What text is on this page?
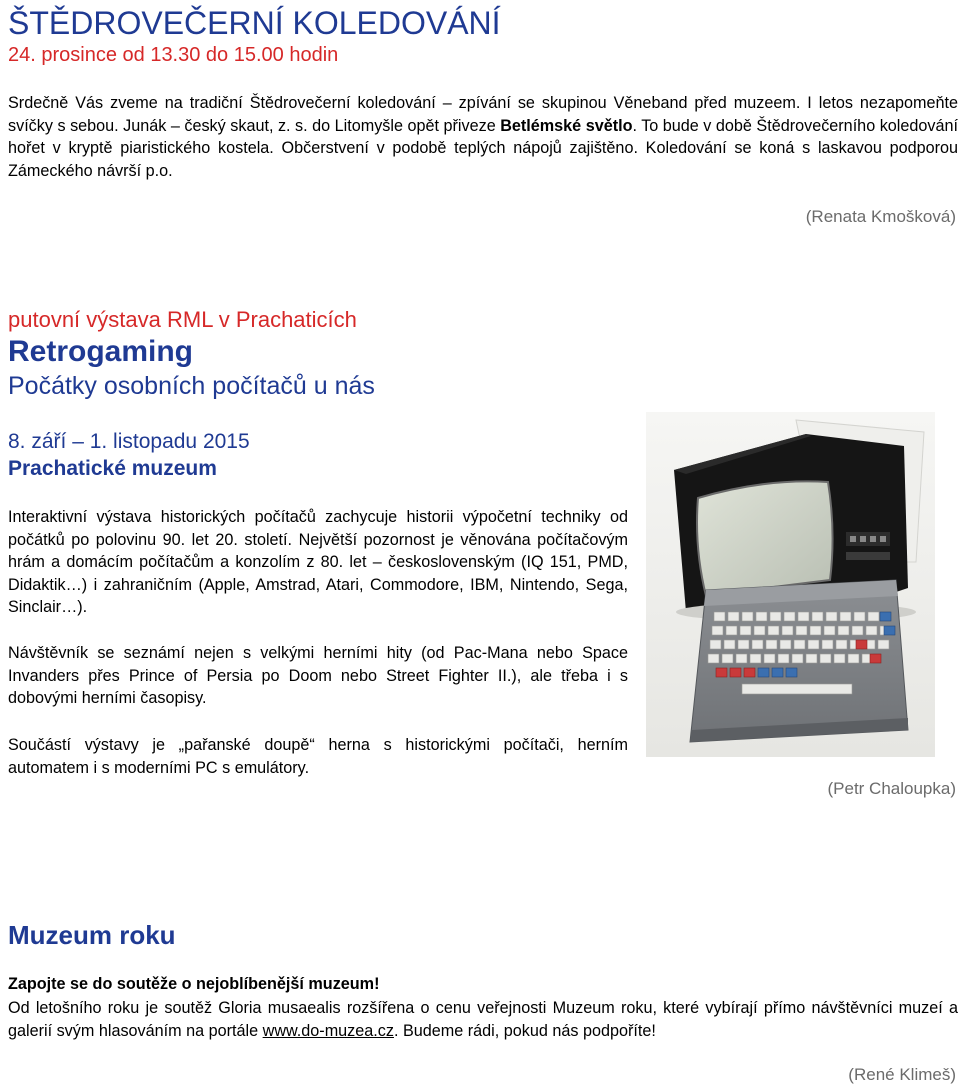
ŠTĚDROVEČERNÍ KOLEDOVÁNÍ
24. prosince od 13.30 do 15.00 hodin
Srdečně Vás zveme na tradiční Štědrovečerní koledování – zpívání se skupinou Věneband před muzeem. I letos nezapomeňte svíčky s sebou. Junák – český skaut, z. s. do Litomyšle opět přiveze Betlémské světlo. To bude v době Štědrovečerního koledování hořet v kryptě piaristického kostela. Občerstvení v podobě teplých nápojů zajištěno. Koledování se koná s laskavou podporou Zámeckého návrší p.o.
(Renata Kmošková)
putovní výstava RML v Prachaticích
Retrogaming
Počátky osobních počítačů u nás
8. září – 1. listopadu 2015
Prachatické muzeum
Interaktivní výstava historických počítačů zachycuje historii výpočetní techniky od počátků po polovinu 90. let 20. století. Největší pozornost je věnována počítačovým hrám a domácím počítačům a konzolím z 80. let – československým (IQ 151, PMD, Didaktik…) i zahraničním (Apple, Amstrad, Atari, Commodore, IBM, Nintendo, Sega, Sinclair…).
Návštěvník se seznámí nejen s velkými herními hity (od Pac-Mana nebo Space Invanders přes Prince of Persia po Doom nebo Street Fighter II.), ale třeba i s dobovými herními časopisy.
Součástí výstavy je „pařanské doupě“ herna s historickými počítači, herním automatem i s moderními PC s emulátory.
(Petr Chaloupka)
Muzeum roku
Zapojte se do soutěže o nejoblíbenější muzeum!
Od letošního roku je soutěž Gloria musaealis rozšířena o cenu veřejnosti Muzeum roku, které vybírají přímo návštěvníci muzeí a galerií svým hlasováním na portále www.do-muzea.cz. Budeme rádi, pokud nás podpoříte!
(René Klimeš)
